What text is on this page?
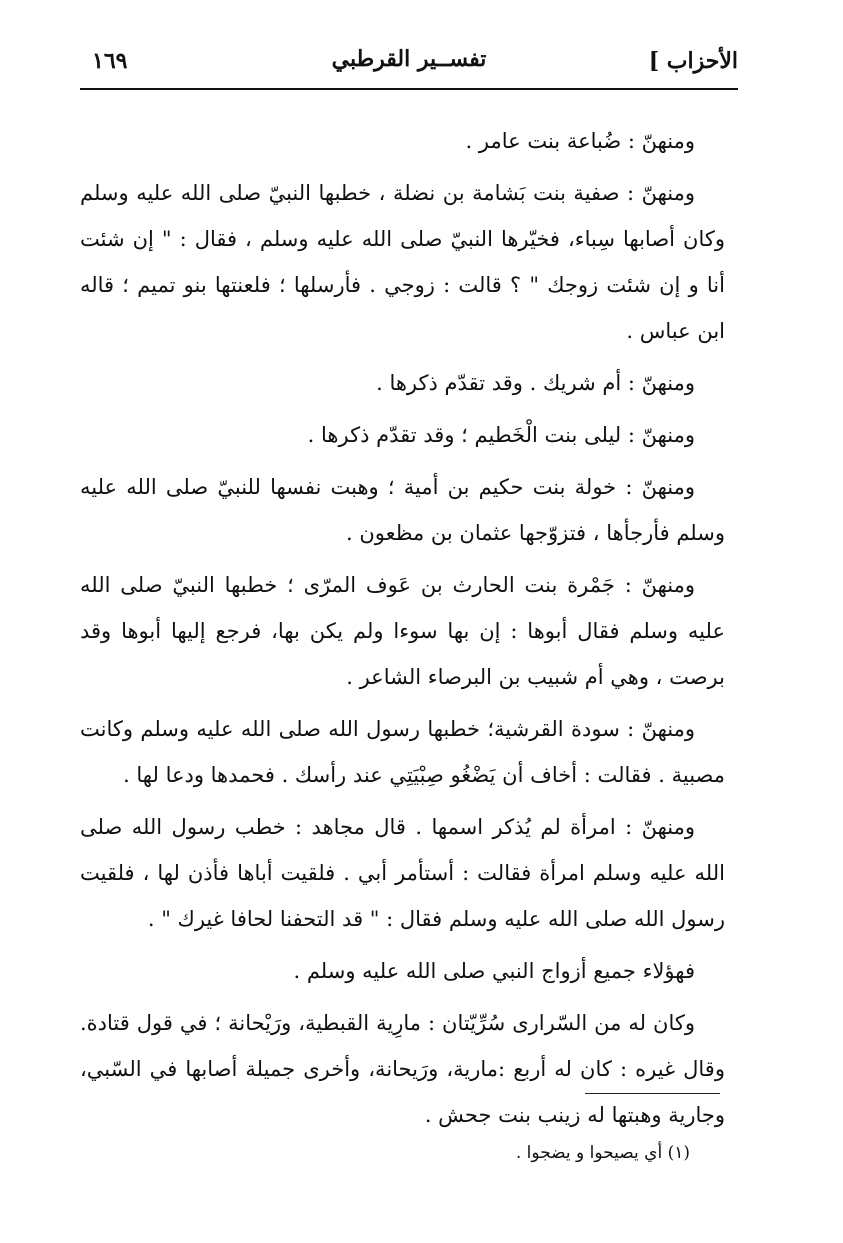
الأحزاب ]
تفســير القرطبي
١٦٩

ومنهنّ : ضُباعة بنت عامر .

ومنهنّ : صفية بنت بَشامة بن نضلة ، خطبها النبيّ صلى الله عليه وسلم وكان أصابها سِباء، فخيّرها النبيّ صلى الله عليه وسلم ، فقال : " إن شئت أنا و إن شئت زوجك " ؟ قالت : زوجي . فأرسلها ؛ فلعنتها بنو تميم ؛ قاله ابن عباس .

ومنهنّ : أم شريك . وقد تقدّم ذكرها .

ومنهنّ : ليلى بنت الْخَطيم ؛ وقد تقدّم ذكرها .

ومنهنّ : خولة بنت حكيم بن أمية ؛ وهبت نفسها للنبيّ صلى الله عليه وسلم فأرجأها ، فتزوّجها عثمان بن مظعون .

ومنهنّ : جَمْرة بنت الحارث بن عَوف المرّى ؛ خطبها النبيّ صلى الله عليه وسلم فقال أبوها : إن بها سوءا ولم يكن بها، فرجع إليها أبوها وقد برصت ، وهي أم شبيب بن البرصاء الشاعر .

ومنهنّ : سودة القرشية؛ خطبها رسول الله صلى الله عليه وسلم وكانت مصبية . فقالت : أخاف أن يَضْغُو صِبْيَتِي عند رأسك . فحمدها ودعا لها .

ومنهنّ : امرأة لم يُذكر اسمها . قال مجاهد : خطب رسول الله صلى الله عليه وسلم امرأة فقالت : أستأمر أبي . فلقيت أباها فأذن لها ، فلقيت رسول الله صلى الله عليه وسلم فقال : " قد التحفنا لحافا غيرك " .

فهؤلاء جميع أزواج النبي صلى الله عليه وسلم .

وكان له من السّرارى سُرِّيّتان : مارِية القبطية، ورَيْحانة ؛ في قول قتادة. وقال غيره : كان له أربع :مارية، ورَيحانة، وأخرى جميلة أصابها في السّبي، وجارية وهبتها له زينب بنت جحش .

(١) أي يصيحوا و يضجوا .
